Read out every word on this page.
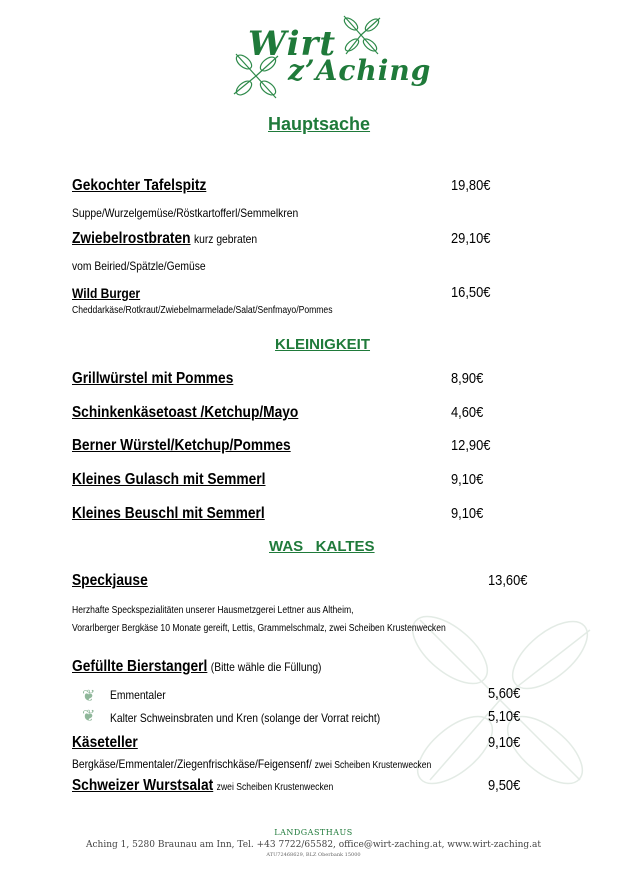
Wirt
z’Aching
Hauptsache
Gekochter Tafelspitz	19,80€
Suppe/Wurzelgemüse/Röstkartofferl/Semmelkren
Zwiebelrostbraten kurz gebraten	29,10€
vom Beiried/Spätzle/Gemüse
Wild Burger	16,50€
Cheddarkäse/Rotkraut/Zwiebelmarmelade/Salat/Senfmayo/Pommes
KLEINIGKEIT
Grillwürstel mit Pommes	8,90€
Schinkenkäsetoast /Ketchup/Mayo	4,60€
Berner Würstel/Ketchup/Pommes	12,90€
Kleines Gulasch mit Semmerl	9,10€
Kleines Beuschl mit Semmerl	9,10€
WAS   KALTES
Speckjause	13,60€
Herzhafte Speckspezialitäten unserer Hausmetzgerei Lettner aus Altheim,
Vorarlberger Bergkäse 10 Monate gereift, Lettis, Grammelschmalz, zwei Scheiben Krustenwecken
Gefüllte Bierstangerl (Bitte wähle die Füllung)
❦ Emmentaler	5,60€
❦ Kalter Schweinsbraten und Kren (solange der Vorrat reicht)	5,10€
Käseteller	9,10€
Bergkäse/Emmentaler/Ziegenfrischkäse/Feigensenf/ zwei Scheiben Krustenwecken
Schweizer Wurstsalat zwei Scheiben Krustenwecken	9,50€
LANDGASTHAUS
Aching 1, 5280 Braunau am Inn, Tel. +43 7722/65582, office@wirt-zaching.at, www.wirt-zaching.at
ATU72468629, BLZ Oberbank 15000
